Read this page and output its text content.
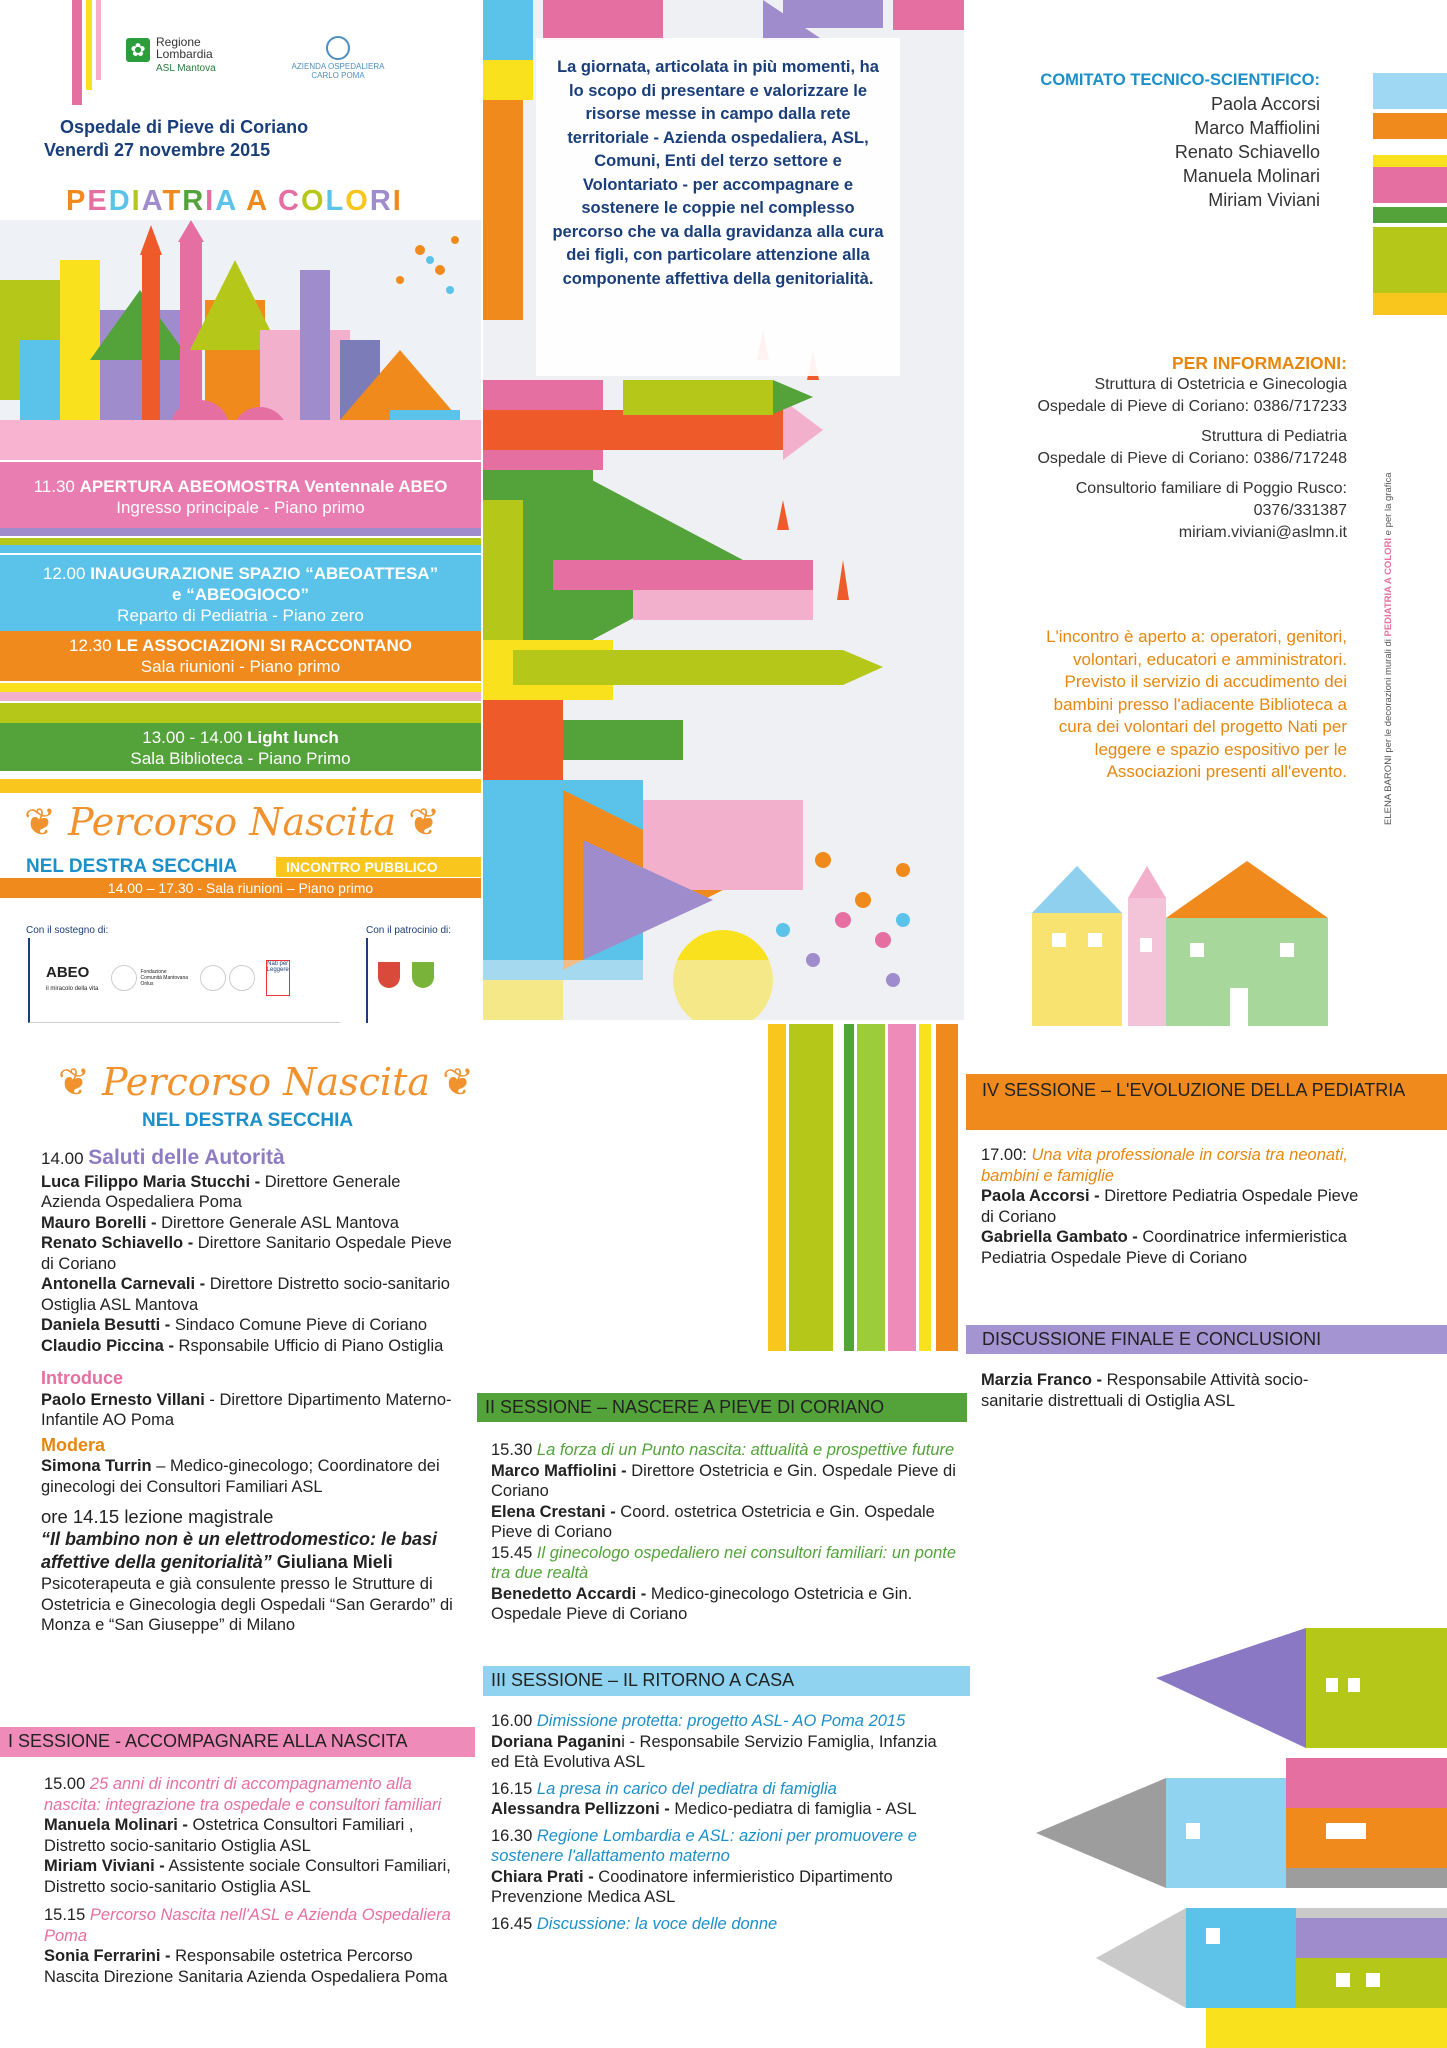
✿ Regione
Lombardia
ASL Mantova	AZIENDA OSPEDALIERA
CARLO POMA
Ospedale di Pieve di Coriano
Venerdì 27 novembre 2015
PEDIATRIA A COLORI
11.30 APERTURA ABEOMOSTRA Ventennale ABEO
Ingresso principale - Piano primo
12.00 INAUGURAZIONE SPAZIO “ABEOATTESA”
e “ABEOGIOCO”
Reparto di Pediatria - Piano zero
12.30 LE ASSOCIAZIONI SI RACCONTANO
Sala riunioni - Piano primo
13.00 - 14.00 Light lunch
Sala Biblioteca - Piano Primo
❦ Percorso Nascita ❦
NEL DESTRA SECCHIA	INCONTRO PUBBLICO
14.00 – 17.30 - Sala riunioni – Piano primo
Con il sostegno di:
ABEO
il miracolo della vita  Fondazione Comunità Mantovana Onlus   Nati per Leggere
Con il patrocinio di:

La giornata, articolata in più momenti, ha lo scopo di presentare e valorizzare le risorse messe in campo dalla rete territoriale - Azienda ospedaliera, ASL, Comuni, Enti del terzo settore e Volontariato - per accompagnare e sostenere le coppie nel complesso percorso che va dalla gravidanza alla cura dei figli, con particolare attenzione alla componente affettiva della genitorialità.
COMITATO TECNICO-SCIENTIFICO:
Paola Accorsi
Marco Maffiolini
Renato Schiavello
Manuela Molinari
Miriam Viviani
PER INFORMAZIONI:
Struttura di Ostetricia e Ginecologia
Ospedale di Pieve di Coriano: 0386/717233
Struttura di Pediatria
Ospedale di Pieve di Coriano: 0386/717248
Consultorio familiare di Poggio Rusco:
0376/331387
miriam.viviani@aslmn.it
L'incontro è aperto a: operatori, genitori, volontari, educatori e amministratori. Previsto il servizio di accudimento dei bambini presso l'adiacente Biblioteca a cura dei volontari del progetto Nati per leggere e spazio espositivo per le Associazioni presenti all'evento.	ELENA BARONI per le decorazioni murali di PEDIATRIA A COLORI e per la grafica
❦ Percorso Nascita ❦
NEL DESTRA SECCHIA

14.00 Saluti delle Autorità

Luca Filippo Maria Stucchi - Direttore Generale Azienda Ospedaliera Poma

Mauro Borelli - Direttore Generale ASL Mantova

Renato Schiavello - Direttore Sanitario Ospedale Pieve di Coriano

Antonella Carnevali - Direttore Distretto socio-sanitario Ostiglia ASL Mantova

Daniela Besutti - Sindaco Comune Pieve di Coriano

Claudio Piccina - Rsponsabile Ufficio di Piano Ostiglia

Introduce

Paolo Ernesto Villani - Direttore Dipartimento Materno-Infantile AO Poma

Modera

Simona Turrin – Medico-ginecologo; Coordinatore dei ginecologi dei Consultori Familiari ASL

ore 14.15 lezione magistrale

“Il bambino non è un elettrodomestico: le basi affettive della genitorialità” Giuliana Mieli

Psicoterapeuta e già consulente presso le Strutture di Ostetricia e Ginecologia degli Ospedali “San Gerardo” di Monza e “San Giuseppe” di Milano

I SESSIONE - ACCOMPAGNARE ALLA NASCITA

15.00 25 anni di incontri di accompagnamento alla nascita: integrazione tra ospedale e consultori familiari

Manuela Molinari - Ostetrica Consultori Familiari , Distretto socio-sanitario Ostiglia ASL

Miriam Viviani - Assistente sociale Consultori Familiari, Distretto socio-sanitario Ostiglia ASL

15.15 Percorso Nascita nell'ASL e Azienda Ospedaliera Poma

Sonia Ferrarini - Responsabile ostetrica Percorso Nascita Direzione Sanitaria Azienda Ospedaliera Poma

II SESSIONE – NASCERE A PIEVE DI CORIANO

15.30 La forza di un Punto nascita: attualità e prospettive future

Marco Maffiolini - Direttore Ostetricia e Gin. Ospedale Pieve di Coriano

Elena Crestani - Coord. ostetrica Ostetricia e Gin. Ospedale Pieve di Coriano

15.45 Il ginecologo ospedaliero nei consultori familiari: un ponte tra due realtà

Benedetto Accardi - Medico-ginecologo Ostetricia e Gin. Ospedale Pieve di Coriano

III SESSIONE – IL RITORNO A CASA

16.00 Dimissione protetta: progetto ASL- AO Poma 2015

Doriana Paganini - Responsabile Servizio Famiglia, Infanzia ed Età Evolutiva ASL

16.15 La presa in carico del pediatra di famiglia

Alessandra Pellizzoni - Medico-pediatra di famiglia - ASL

16.30 Regione Lombardia e ASL: azioni per promuovere e sostenere l'allattamento materno

Chiara Prati - Coodinatore infermieristico Dipartimento Prevenzione Medica ASL

16.45 Discussione: la voce delle donne

IV SESSIONE – L'EVOLUZIONE DELLA PEDIATRIA

17.00: Una vita professionale in corsia tra neonati, bambini e famiglie

Paola Accorsi - Direttore Pediatria Ospedale Pieve di Coriano

Gabriella Gambato - Coordinatrice infermieristica Pediatria Ospedale Pieve di Coriano

DISCUSSIONE FINALE E CONCLUSIONI

Marzia Franco - Responsabile Attività socio-sanitarie distrettuali di Ostiglia ASL
